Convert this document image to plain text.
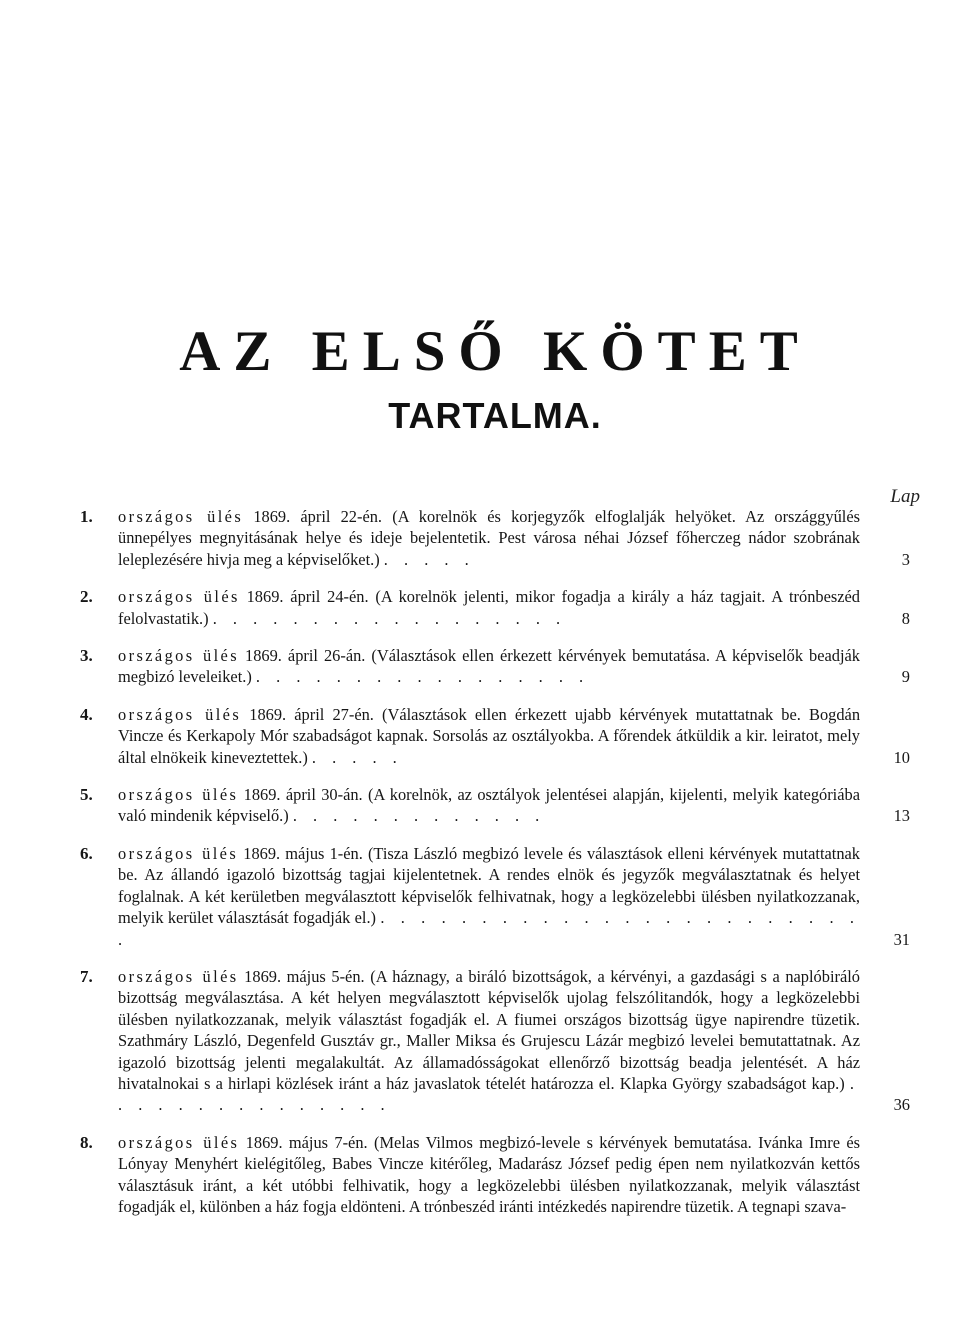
AZ ELSŐ KÖTET
TARTALMA.
Lap
1.	országos ülés 1869. ápril 22-én. (A korelnök és korjegyzők elfoglalják helyöket. Az országgyűlés ünnepélyes megnyitásának helye és ideje bejelentetik. Pest városa néhai József főherczeg nádor szobrának leleplezésére hivja meg a képviselőket.) . . . . .	3
2.	országos ülés 1869. ápril 24-én. (A korelnök jelenti, mikor fogadja a király a ház tagjait. A trónbeszéd felolvastatik.) . . . . . . . . . . . . . . . . . .	8
3.	országos ülés 1869. ápril 26-án. (Választások ellen érkezett kérvények bemutatása. A képviselők beadják megbizó leveleiket.) . . . . . . . . . . . . . . . . .	9
4.	országos ülés 1869. ápril 27-én. (Választások ellen érkezett ujabb kérvények mutattatnak be. Bogdán Vincze és Kerkapoly Mór szabadságot kapnak. Sorsolás az osztályokba. A főrendek átküldik a kir. leiratot, mely által elnökeik kineveztettek.) . . . . .	10
5.	országos ülés 1869. ápril 30-án. (A korelnök, az osztályok jelentései alapján, kijelenti, melyik kategóriába való mindenik képviselő.) . . . . . . . . . . . . .	13
6.	országos ülés 1869. május 1-én. (Tisza László megbizó levele és választások elleni kérvények mutattatnak be. Az állandó igazoló bizottság tagjai kijelentetnek. A rendes elnök és jegyzők megválasztatnak és helyet foglalnak. A két kerületben megválasztott képviselők felhivatnak, hogy a legközelebbi ülésben nyilatkozzanak, melyik kerület választását fogadják el.) . . . . . . . . . . . . . . . . . . . . . . . . .	31
7.	országos ülés 1869. május 5-én. (A háznagy, a biráló bizottságok, a kérvényi, a gazdasági s a naplóbiráló bizottság megválasztása. A két helyen megválasztott képviselők ujolag felszólitandók, hogy a legközelebbi ülésben nyilatkozzanak, melyik választást fogadják el. A fiumei országos bizottság ügye napirendre tüzetik. Szathmáry László, Degenfeld Gusztáv gr., Maller Miksa és Grujescu Lázár megbizó levelei bemutattatnak. Az igazoló bizottság jelenti megalakultát. Az államadósságokat ellenőrző bizottság beadja jelentését. A ház hivatalnokai s a hirlapi közlések iránt a ház javaslatok tételét határozza el. Klapka György szabadságot kap.) . . . . . . . . . . . . . . .	36
8.	országos ülés 1869. május 7-én. (Melas Vilmos megbizó-levele s kérvények bemutatása. Ivánka Imre és Lónyay Menyhért kielégitőleg, Babes Vincze kitérőleg, Madarász József pedig épen nem nyilatkozván kettős választásuk iránt, a két utóbbi felhivatik, hogy a legközelebbi ülésben nyilatkozzanak, melyik választást fogadják el, különben a ház fogja eldönteni. A trónbeszéd iránti intézkedés napirendre tüzetik. A tegnapi szava-
